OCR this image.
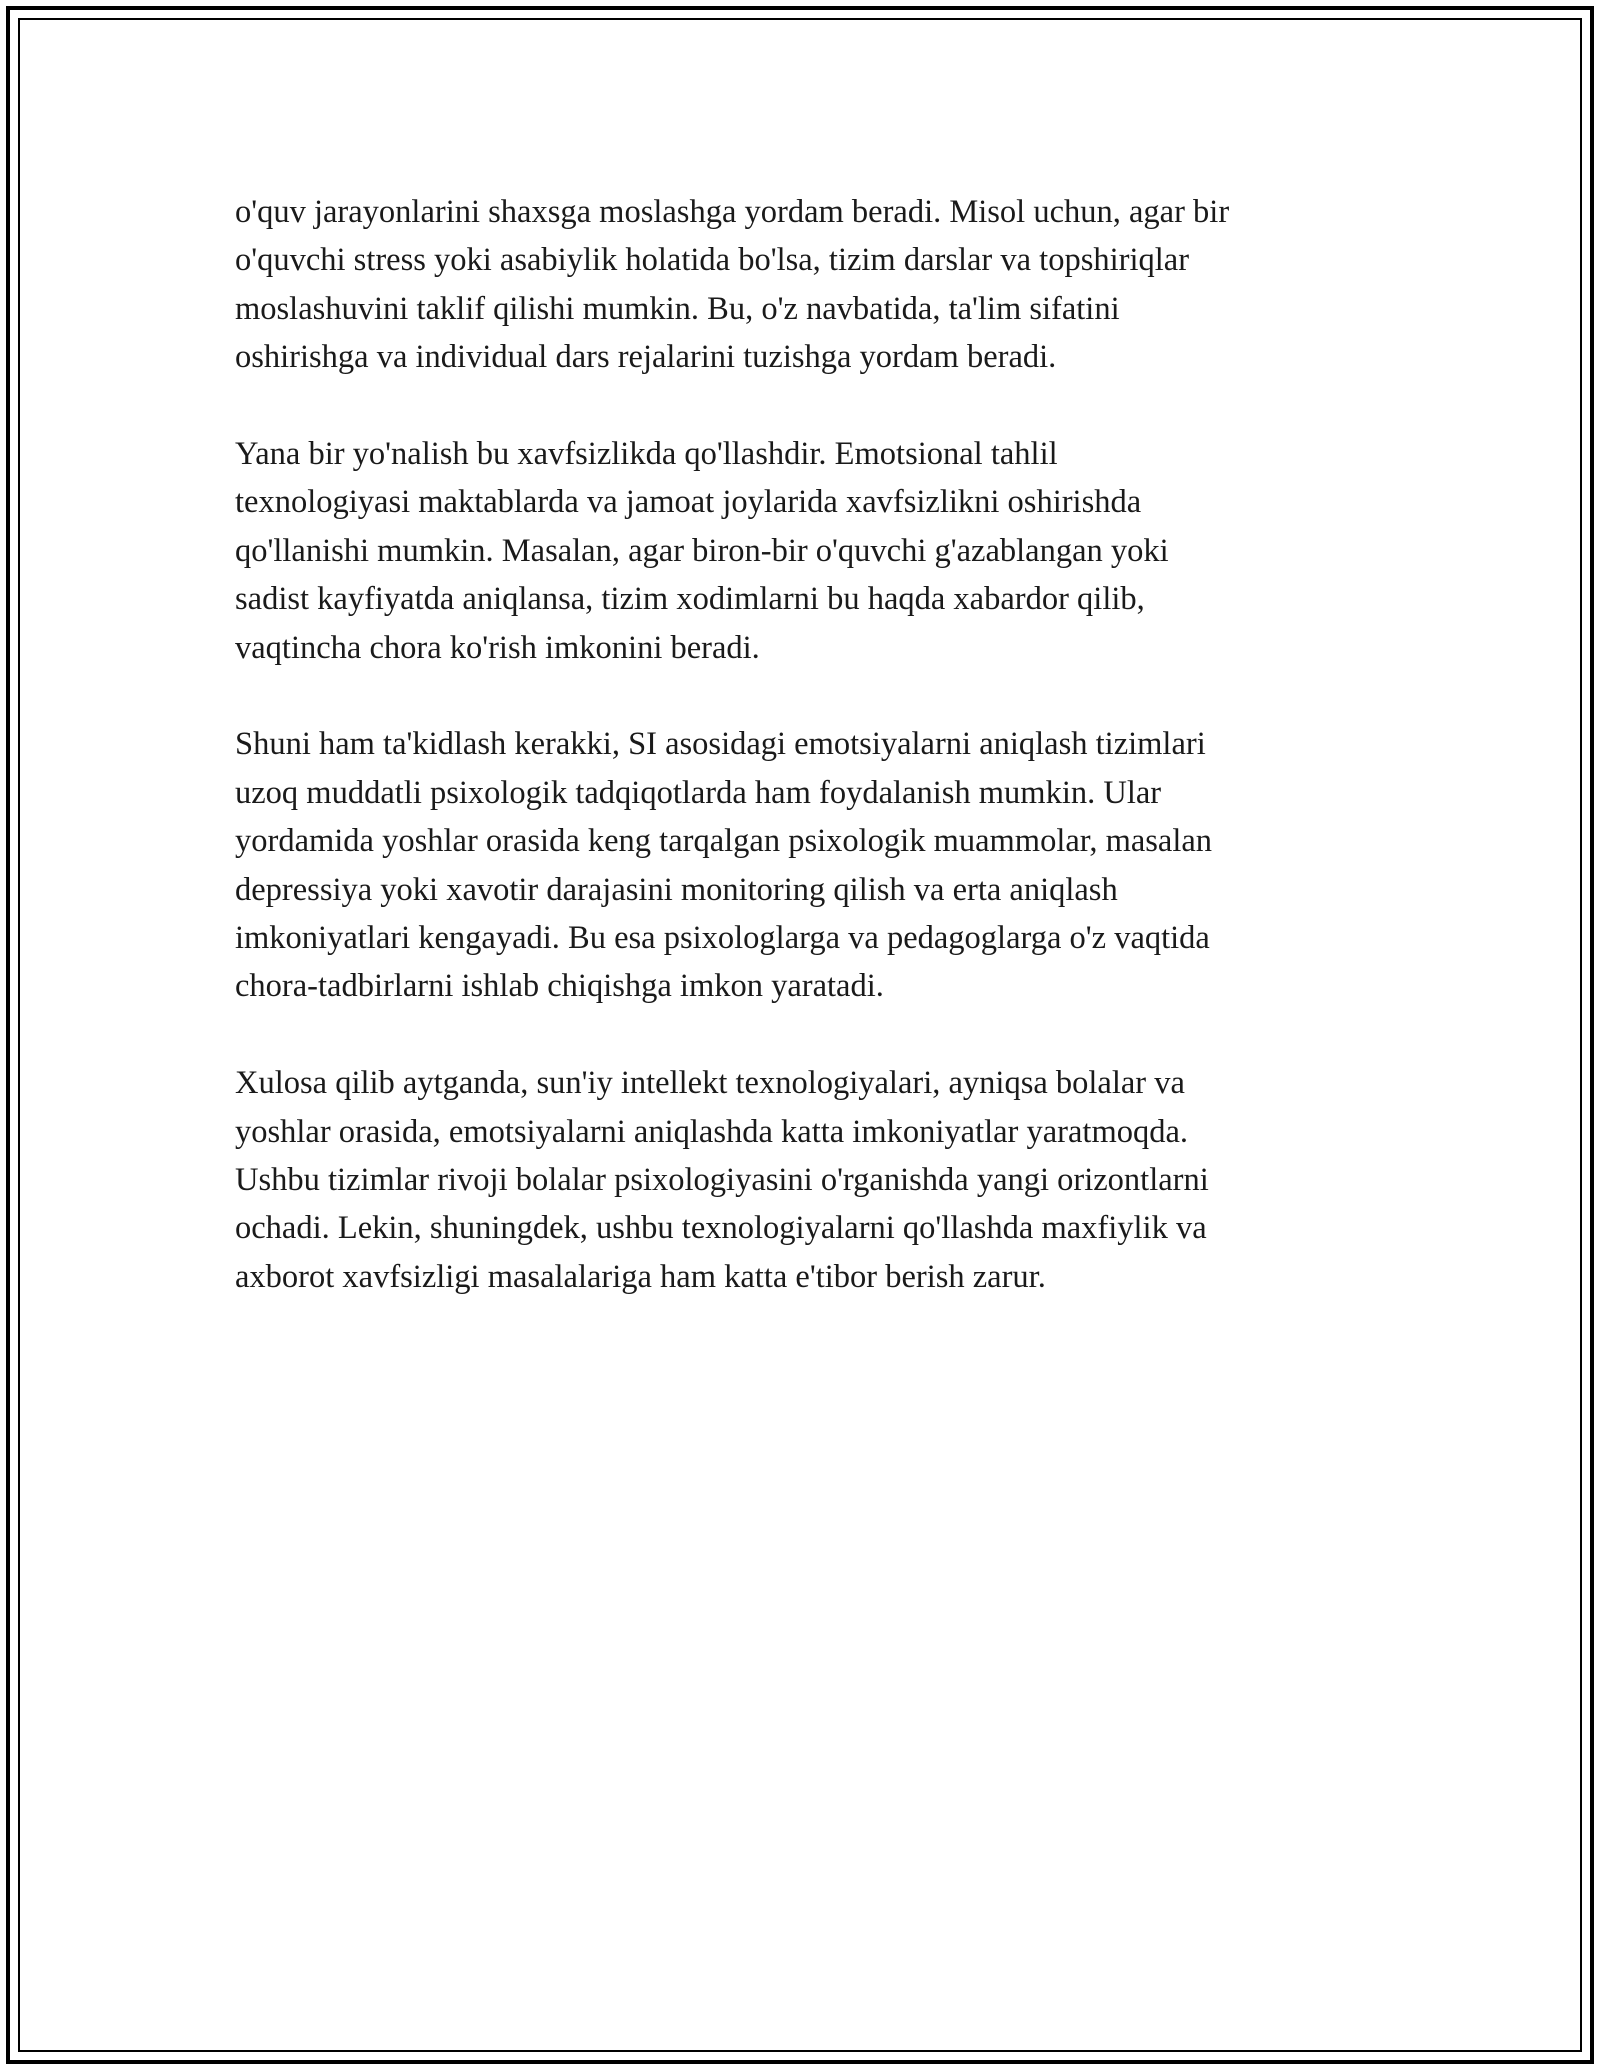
o'quv jarayonlarini shaxsga moslashga yordam beradi. Misol uchun, agar bir
o'quvchi stress yoki asabiylik holatida bo'lsa, tizim darslar va topshiriqlar
moslashuvini taklif qilishi mumkin. Bu, o'z navbatida, ta'lim sifatini
oshirishga va individual dars rejalarini tuzishga yordam beradi.

Yana bir yo'nalish bu xavfsizlikda qo'llashdir. Emotsional tahlil
texnologiyasi maktablarda va jamoat joylarida xavfsizlikni oshirishda
qo'llanishi mumkin. Masalan, agar biron-bir o'quvchi g'azablangan yoki
sadist kayfiyatda aniqlansa, tizim xodimlarni bu haqda xabardor qilib,
vaqtincha chora ko'rish imkonini beradi.

Shuni ham ta'kidlash kerakki, SI asosidagi emotsiyalarni aniqlash tizimlari
uzoq muddatli psixologik tadqiqotlarda ham foydalanish mumkin. Ular
yordamida yoshlar orasida keng tarqalgan psixologik muammolar, masalan
depressiya yoki xavotir darajasini monitoring qilish va erta aniqlash
imkoniyatlari kengayadi. Bu esa psixologlarga va pedagoglarga o'z vaqtida
chora-tadbirlarni ishlab chiqishga imkon yaratadi.

Xulosa qilib aytganda, sun'iy intellekt texnologiyalari, ayniqsa bolalar va
yoshlar orasida, emotsiyalarni aniqlashda katta imkoniyatlar yaratmoqda.
Ushbu tizimlar rivoji bolalar psixologiyasini o'rganishda yangi orizontlarni
ochadi. Lekin, shuningdek, ushbu texnologiyalarni qo'llashda maxfiylik va
axborot xavfsizligi masalalariga ham katta e'tibor berish zarur.
